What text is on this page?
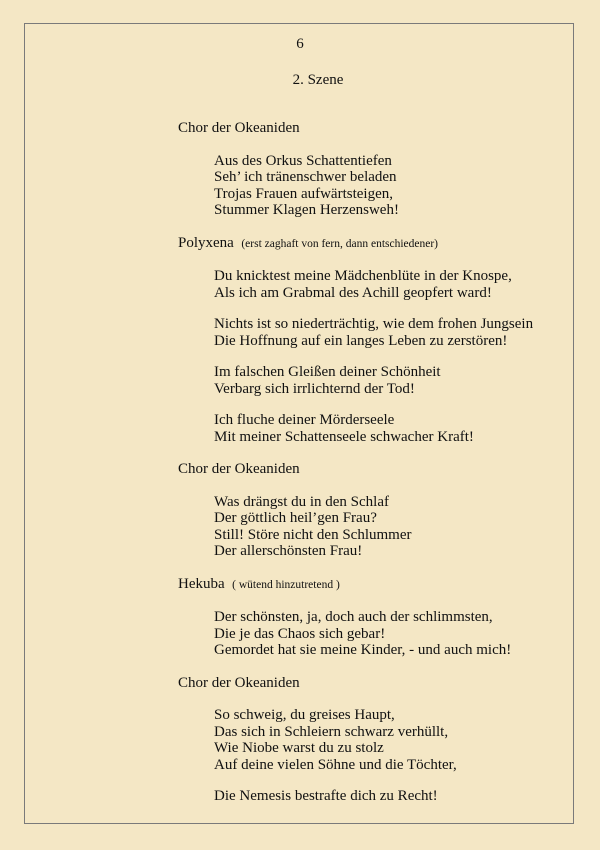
6
2. Szene
Chor der Okeaniden
Aus des Orkus Schattentiefen
Seh’ ich tränenschwer beladen
Trojas Frauen aufwärtsteigen,
Stummer Klagen Herzensweh!
Polyxena (erst zaghaft von fern, dann entschiedener)
Du knicktest meine Mädchenblüte in der Knospe,
Als ich am Grabmal des Achill geopfert ward!
Nichts ist so niederträchtig, wie dem frohen Jungsein
Die Hoffnung auf ein langes Leben zu zerstören!
Im falschen Gleißen deiner Schönheit
Verbarg sich irrlichternd der Tod!
Ich fluche deiner Mörderseele
Mit meiner Schattenseele schwacher Kraft!
Chor der Okeaniden
Was drängst du in den Schlaf
Der göttlich heil’gen Frau?
Still! Störe nicht den Schlummer
Der allerschönsten Frau!
Hekuba ( wütend hinzutretend )
Der schönsten, ja, doch auch der schlimmsten,
Die je das Chaos sich gebar!
Gemordet hat sie meine Kinder, - und auch mich!
Chor der Okeaniden
So schweig, du greises Haupt,
Das sich in Schleiern schwarz verhüllt,
Wie Niobe warst du zu stolz
Auf deine vielen Söhne und die Töchter,
Die Nemesis bestrafte dich zu Recht!
